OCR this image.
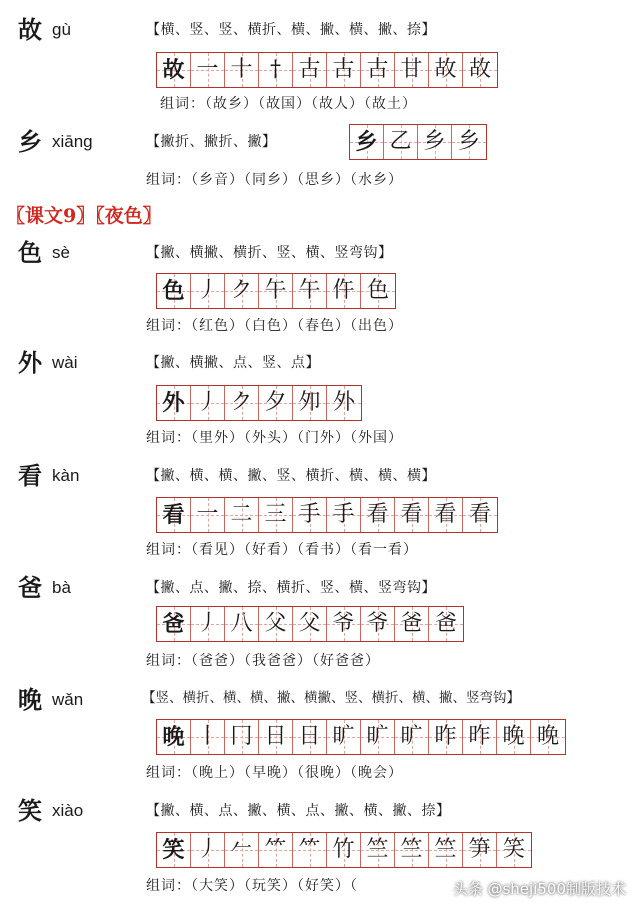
故 gù	【横、竖、竖、横折、横、撇、横、撇、捺】
故 一 十 † 古 古 古 甘 故 故
组词：（故乡）（故国）（故人）（故土）
乡 xiāng	【撇折、撇折、撇】	乡 乙 乡 乡
组词：（乡音）（同乡）（思乡）（水乡）
〖课文9〗〖夜色〗
色 sè	【撇、横撇、横折、竖、横、竖弯钩】
色 丿 ク 午 午 仵 色
组词：（红色）（白色）（春色）（出色）
外 wài	【撇、横撇、点、竖、点】
外 丿 ク 夕 夘 外
组词：（里外）（外头）（门外）（外国）
看 kàn	【撇、横、横、撇、竖、横折、横、横、横】
看 一 二 三 手 手 看 看 看 看
组词：（看见）（好看）（看书）（看一看）
爸 bà	【撇、点、撇、捺、横折、竖、横、竖弯钩】
爸 丿 八 父 父 爷 爷 爸 爸
组词：（爸爸）（我爸爸）（好爸爸）
晚 wǎn	【竖、横折、横、横、撇、横撇、竖、横折、横、撇、竖弯钩】
晚 丨 冂 日 日 旷 旷 旷 昨 昨 晚 晚
组词：（晚上）（早晚）（很晚）（晚会）
笑 xiào	【撇、横、点、撇、横、点、撇、横、撇、捺】
笑 丿 𠂉 ⺮ ⺮ 竹 竺 竺 竺 笋 笑
组词：（大笑）（玩笑）（好笑）（	头条 @sheji500制版技术
